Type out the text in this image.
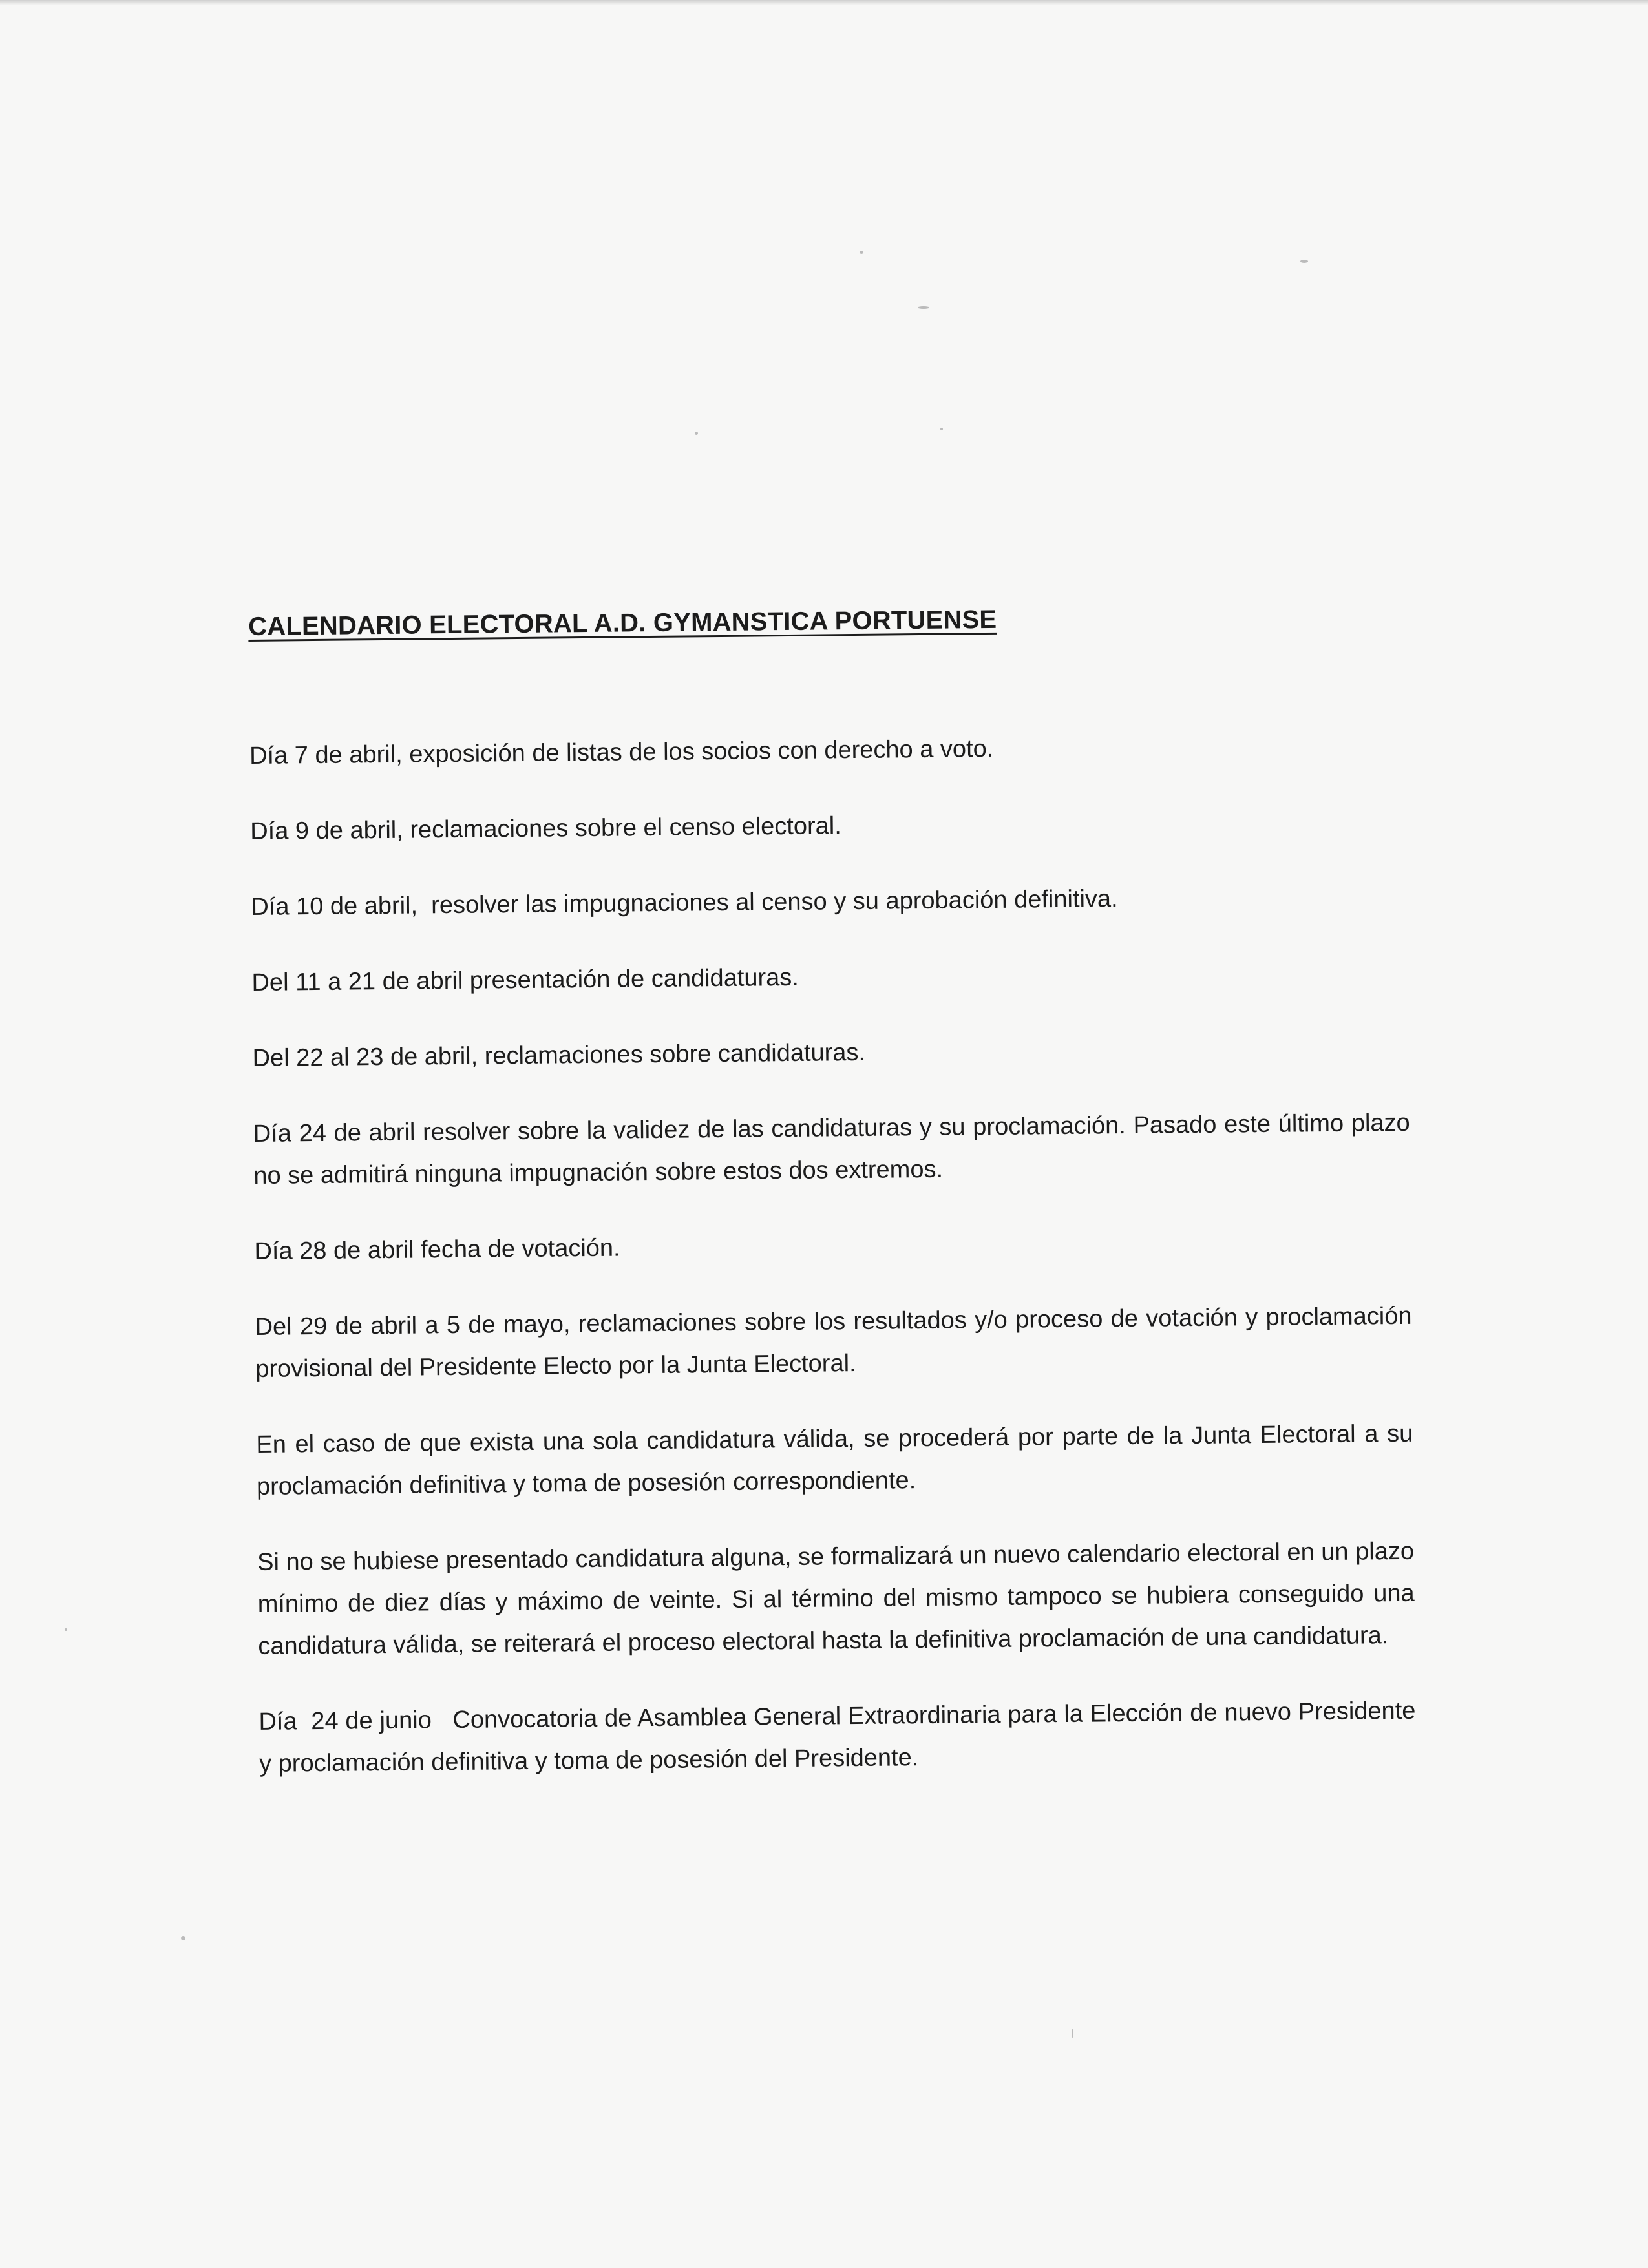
CALENDARIO ELECTORAL A.D. GYMANSTICA PORTUENSE

Día 7 de abril, exposición de listas de los socios con derecho a voto.

Día 9 de abril, reclamaciones sobre el censo electoral.

Día 10 de abril,  resolver las impugnaciones al censo y su aprobación definitiva.

Del 11 a 21 de abril presentación de candidaturas.

Del 22 al 23 de abril, reclamaciones sobre candidaturas.

Día 24 de abril resolver sobre la validez de las candidaturas y su proclamación. Pasado este último plazo no se admitirá ninguna impugnación sobre estos dos extremos.

Día 28 de abril fecha de votación.

Del 29 de abril a 5 de mayo, reclamaciones sobre los resultados y/o proceso de votación y proclamación provisional del Presidente Electo por la Junta Electoral.

En el caso de que exista una sola candidatura válida, se procederá por parte de la Junta Electoral a su proclamación definitiva y toma de posesión correspondiente.

Si no se hubiese presentado candidatura alguna, se formalizará un nuevo calendario electoral en un plazo mínimo de diez días y máximo de veinte. Si al término del mismo tampoco se hubiera conseguido una candidatura válida, se reiterará el proceso electoral hasta la definitiva proclamación de una candidatura.

Día  24 de junio   Convocatoria de Asamblea General Extraordinaria para la Elección de nuevo Presidente y proclamación definitiva y toma de posesión del Presidente.
